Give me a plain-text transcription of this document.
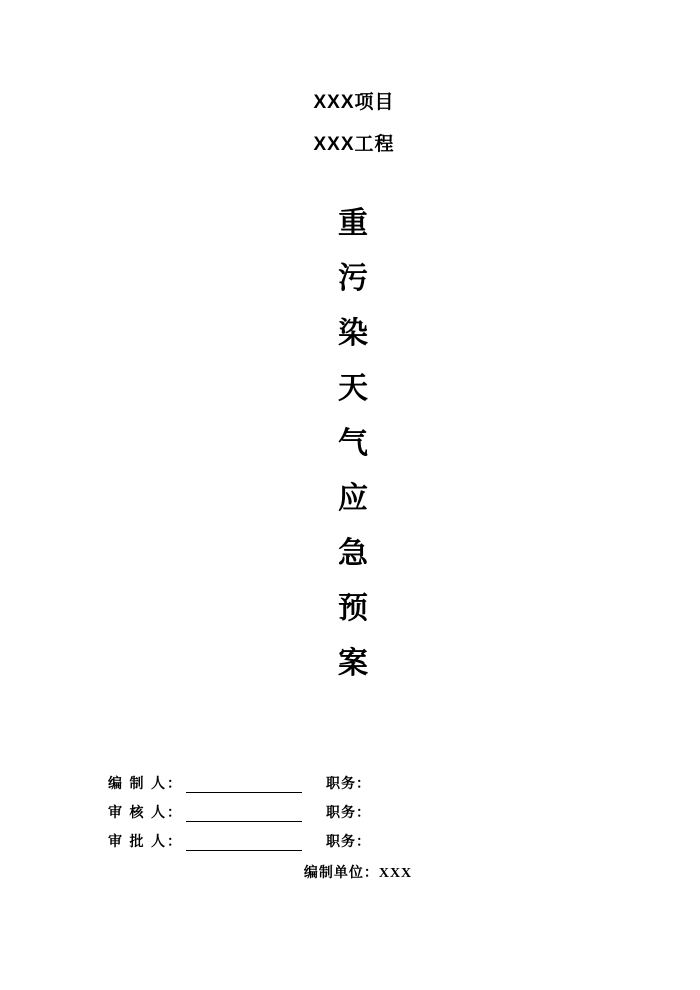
XXX项目
XXX工程
重
污
染
天
气
应
急
预
案
编 制 人：	职务：
审 核 人：	职务：
审 批 人：	职务：
编制单位：XXX
